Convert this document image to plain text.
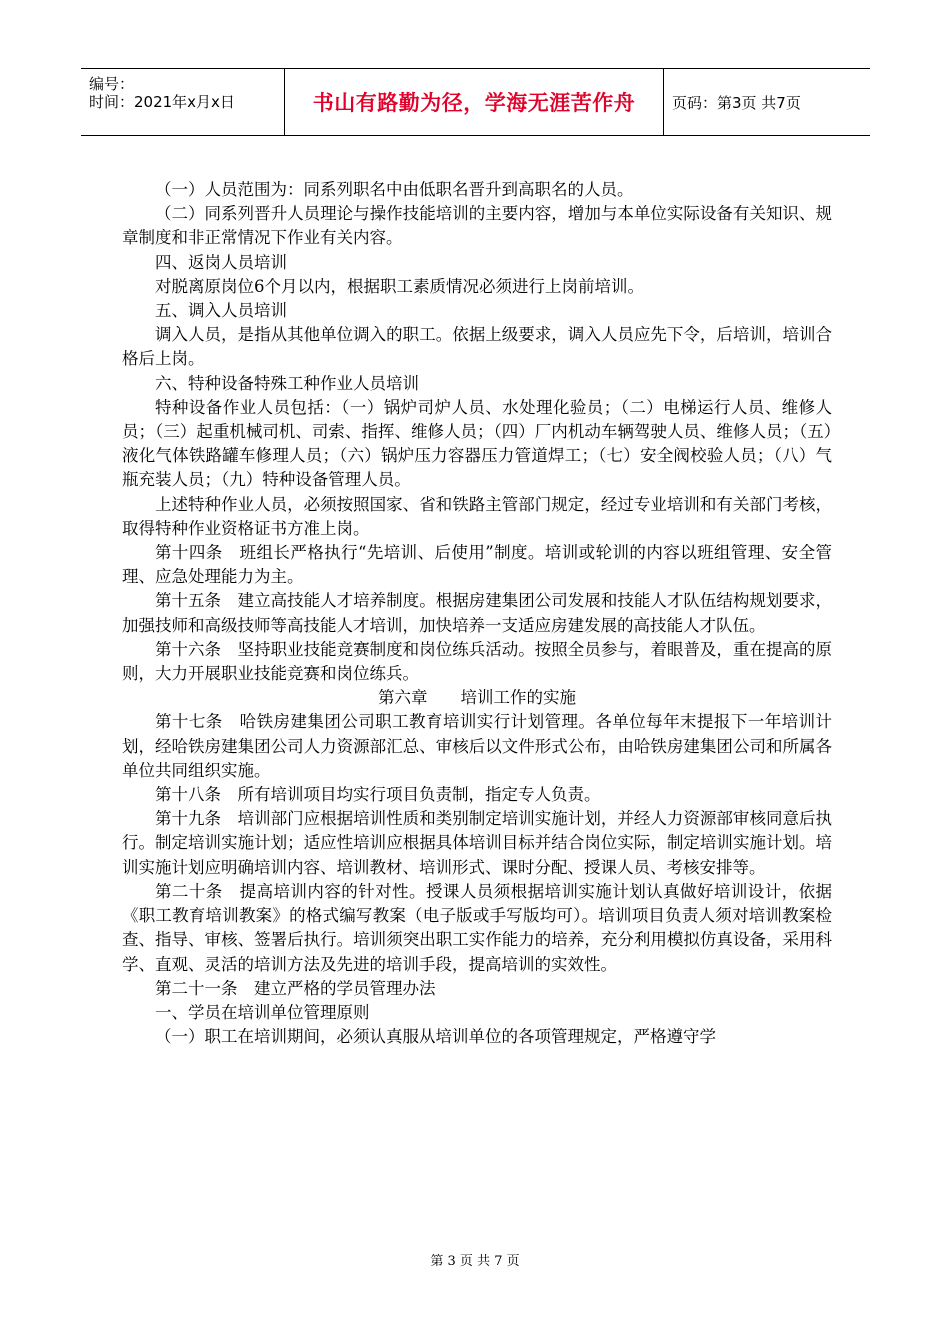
编号：
时间：2021年x月x日	书山有路勤为径，学海无涯苦作舟	页码：第3页 共7页

（一）人员范围为：同系列职名中由低职名晋升到高职名的人员。

（二）同系列晋升人员理论与操作技能培训的主要内容，增加与本单位实际设备有关知识、规章制度和非正常情况下作业有关内容。

四、返岗人员培训

对脱离原岗位6个月以内，根据职工素质情况必须进行上岗前培训。

五、调入人员培训

调入人员，是指从其他单位调入的职工。依据上级要求，调入人员应先下令，后培训，培训合格后上岗。

六、特种设备特殊工种作业人员培训

特种设备作业人员包括：（一）锅炉司炉人员、水处理化验员；（二）电梯运行人员、维修人员；（三）起重机械司机、司索、指挥、维修人员；（四）厂内机动车辆驾驶人员、维修人员；（五）液化气体铁路罐车修理人员；（六）锅炉压力容器压力管道焊工；（七）安全阀校验人员；（八）气瓶充装人员；（九）特种设备管理人员。

上述特种作业人员，必须按照国家、省和铁路主管部门规定，经过专业培训和有关部门考核，取得特种作业资格证书方准上岗。

第十四条　班组长严格执行“先培训、后使用”制度。培训或轮训的内容以班组管理、安全管理、应急处理能力为主。

第十五条　建立高技能人才培养制度。根据房建集团公司发展和技能人才队伍结构规划要求，加强技师和高级技师等高技能人才培训，加快培养一支适应房建发展的高技能人才队伍。

第十六条　坚持职业技能竞赛制度和岗位练兵活动。按照全员参与，着眼普及，重在提高的原则，大力开展职业技能竞赛和岗位练兵。

第六章　　培训工作的实施

第十七条　哈铁房建集团公司职工教育培训实行计划管理。各单位每年末提报下一年培训计划，经哈铁房建集团公司人力资源部汇总、审核后以文件形式公布，由哈铁房建集团公司和所属各单位共同组织实施。

第十八条　所有培训项目均实行项目负责制，指定专人负责。

第十九条　培训部门应根据培训性质和类别制定培训实施计划，并经人力资源部审核同意后执行。制定培训实施计划；适应性培训应根据具体培训目标并结合岗位实际，制定培训实施计划。培训实施计划应明确培训内容、培训教材、培训形式、课时分配、授课人员、考核安排等。

第二十条　提高培训内容的针对性。授课人员须根据培训实施计划认真做好培训设计，依据《职工教育培训教案》的格式编写教案（电子版或手写版均可）。培训项目负责人须对培训教案检查、指导、审核、签署后执行。培训须突出职工实作能力的培养，充分利用模拟仿真设备，采用科学、直观、灵活的培训方法及先进的培训手段，提高培训的实效性。

第二十一条　建立严格的学员管理办法

一、学员在培训单位管理原则

（一）职工在培训期间，必须认真服从培训单位的各项管理规定，严格遵守学

第 3 页 共 7 页
